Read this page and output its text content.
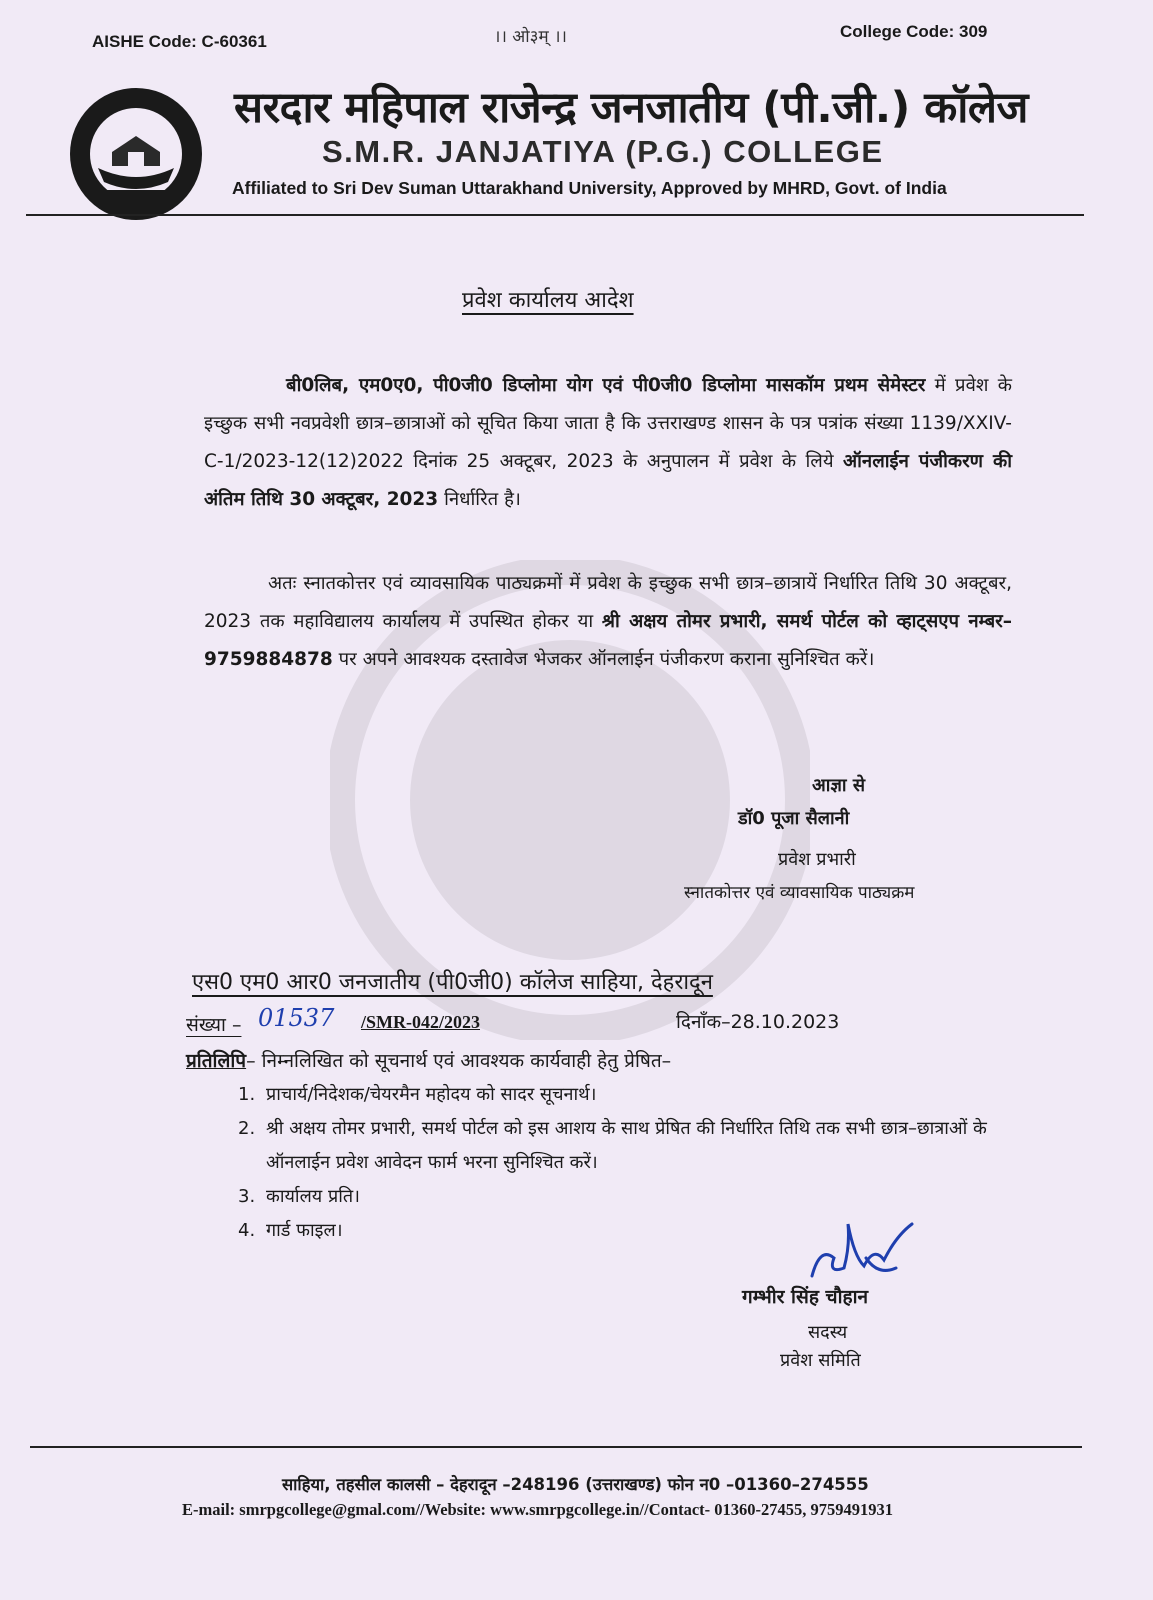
AISHE Code: C-60361	।। ओ३म् ।।	College Code: 309
सरदार महिपाल राजेन्द्र जनजातीय (पी.जी.) कॉलेज
S.M.R. JANJATIYA (P.G.) COLLEGE
Affiliated to Sri Dev Suman Uttarakhand University, Approved by MHRD, Govt. of India
प्रवेश कार्यालय आदेश
बी0लिब, एम0ए0, पी0जी0 डिप्लोमा योग एवं पी0जी0 डिप्लोमा मासकॉम प्रथम सेमेस्टर में प्रवेश के इच्छुक सभी नवप्रवेशी छात्र–छात्राओं को सूचित किया जाता है कि उत्तराखण्ड शासन के पत्र पत्रांक संख्या 1139/XXIV-C-1/2023-12(12)2022 दिनांक 25 अक्टूबर, 2023 के अनुपालन में प्रवेश के लिये ऑनलाईन पंजीकरण की अंतिम तिथि 30 अक्टूबर, 2023 निर्धारित है।
अतः स्नातकोत्तर एवं व्यावसायिक पाठ्यक्रमों में प्रवेश के इच्छुक सभी छात्र–छात्रायें निर्धारित तिथि 30 अक्टूबर, 2023 तक महाविद्यालय कार्यालय में उपस्थित होकर या श्री अक्षय तोमर प्रभारी, समर्थ पोर्टल को व्हाट्सएप नम्बर–9759884878 पर अपने आवश्यक दस्तावेज भेजकर ऑनलाईन पंजीकरण कराना सुनिश्चित करें।
आज्ञा से
डॉ0 पूजा सैलानी
प्रवेश प्रभारी
स्नातकोत्तर एवं व्यावसायिक पाठ्यक्रम
एस0 एम0 आर0 जनजातीय (पी0जी0) कॉलेज साहिया, देहरादून
संख्या – 01537 /SMR-042/2023	दिनाँक–28.10.2023
प्रतिलिपि– निम्नलिखित को सूचनार्थ एवं आवश्यक कार्यवाही हेतु प्रेषित–
1. प्राचार्य/निदेशक/चेयरमैन महोदय को सादर सूचनार्थ।
2. श्री अक्षय तोमर प्रभारी, समर्थ पोर्टल को इस आशय के साथ प्रेषित की निर्धारित तिथि तक सभी छात्र–छात्राओं के ऑनलाईन प्रवेश आवेदन फार्म भरना सुनिश्चित करें।
3. कार्यालय प्रति।
4. गार्ड फाइल।
गम्भीर सिंह चौहान
सदस्य
प्रवेश समिति
साहिया, तहसील कालसी – देहरादून –248196 (उत्तराखण्ड) फोन न0 –01360–274555
E-mail: smrpgcollege@gmal.com//Website: www.smrpgcollege.in//Contact- 01360-27455, 9759491931
